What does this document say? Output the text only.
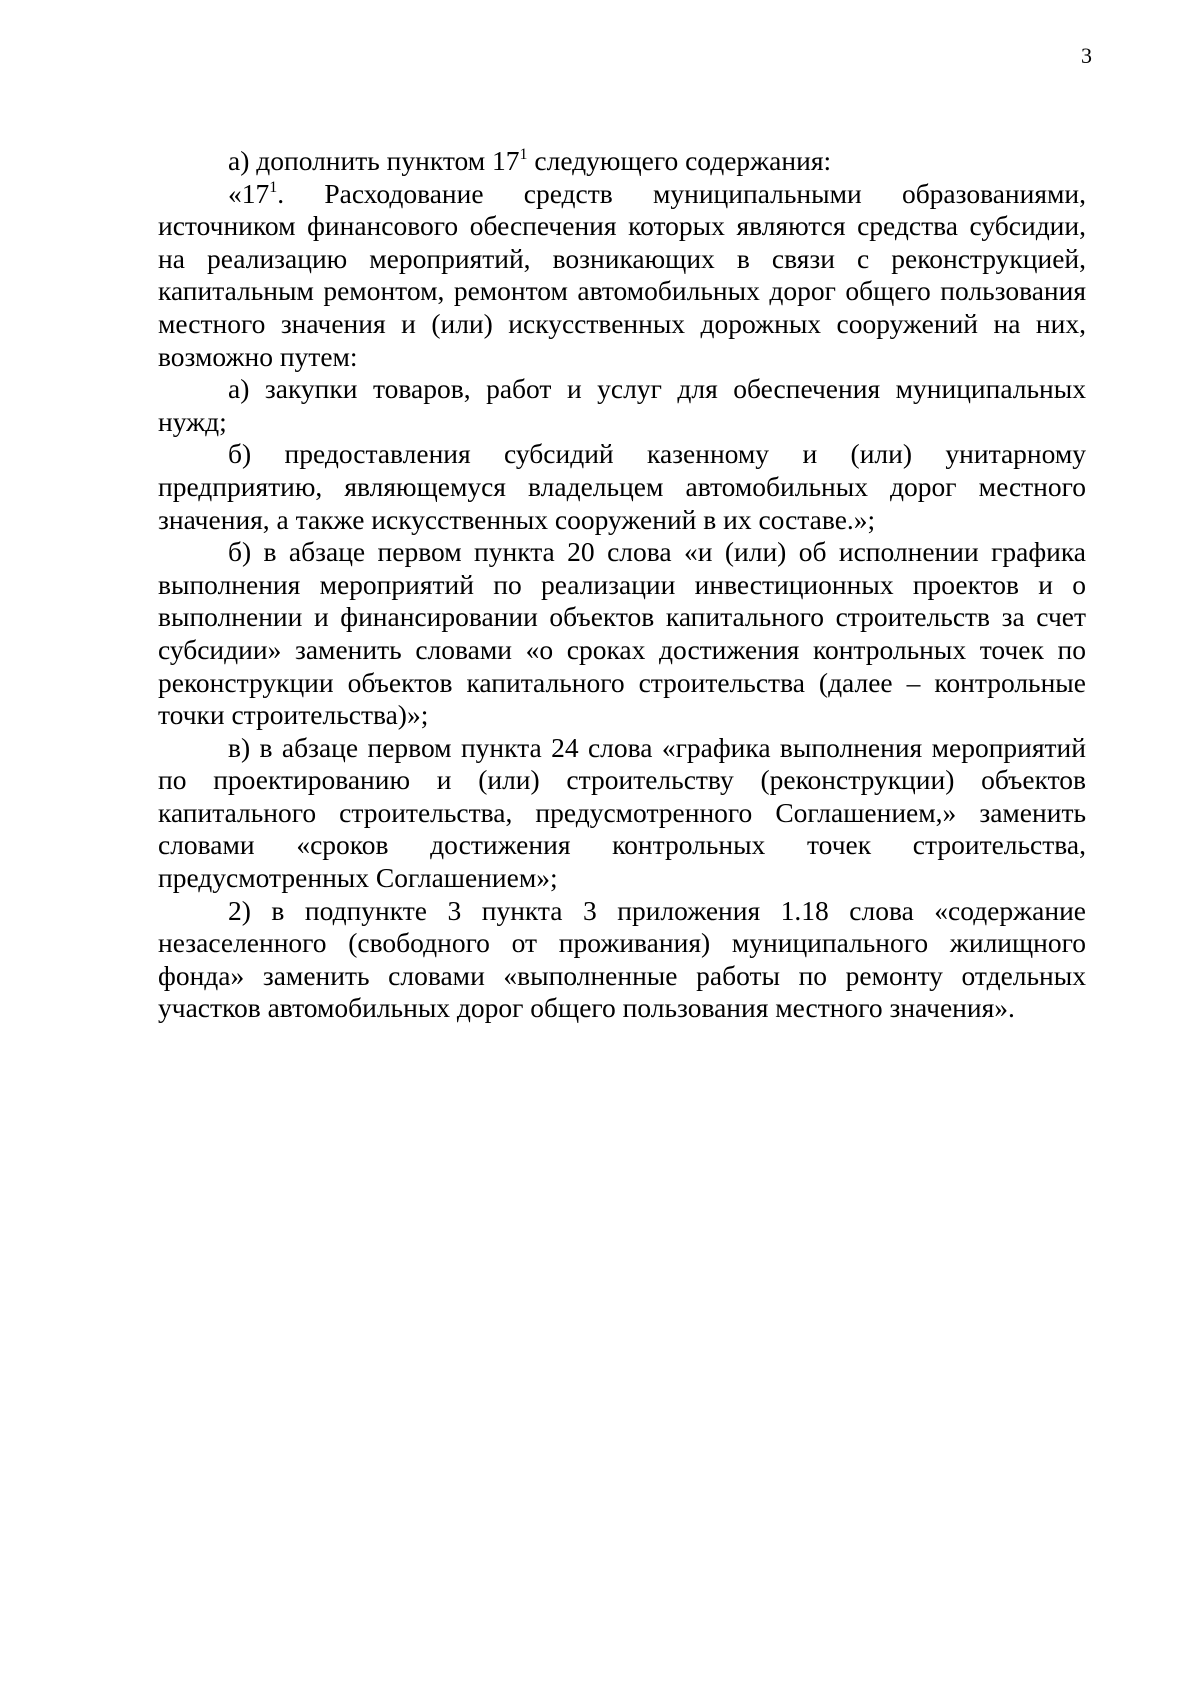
3

а) дополнить пунктом $17^1$ следующего содержания:

«$17^1$. Расходование средств муниципальными образованиями, источником финансового обеспечения которых являются средства субсидии, на реализацию мероприятий, возникающих в связи с реконструкцией, капитальным ремонтом, ремонтом автомобильных дорог общего пользования местного значения и (или) искусственных дорожных сооружений на них, возможно путем:

а) закупки товаров, работ и услуг для обеспечения муниципальных нужд;

б) предоставления субсидий казенному и (или) унитарному предприятию, являющемуся владельцем автомобильных дорог местного значения, а также искусственных сооружений в их составе.»;

б) в абзаце первом пункта 20 слова «и (или) об исполнении графика выполнения мероприятий по реализации инвестиционных проектов и о выполнении и финансировании объектов капитального строительств за счет субсидии» заменить словами «о сроках достижения контрольных точек по реконструкции объектов капитального строительства (далее – контрольные точки строительства)»;

в) в абзаце первом пункта 24 слова «графика выполнения мероприятий по проектированию и (или) строительству (реконструкции) объектов капитального строительства, предусмотренного Соглашением,» заменить словами «сроков достижения контрольных точек строительства, предусмотренных Соглашением»;

2) в подпункте 3 пункта 3 приложения 1.18 слова «содержание незаселенного (свободного от проживания) муниципального жилищного фонда» заменить словами «выполненные работы по ремонту отдельных участков автомобильных дорог общего пользования местного значения».
